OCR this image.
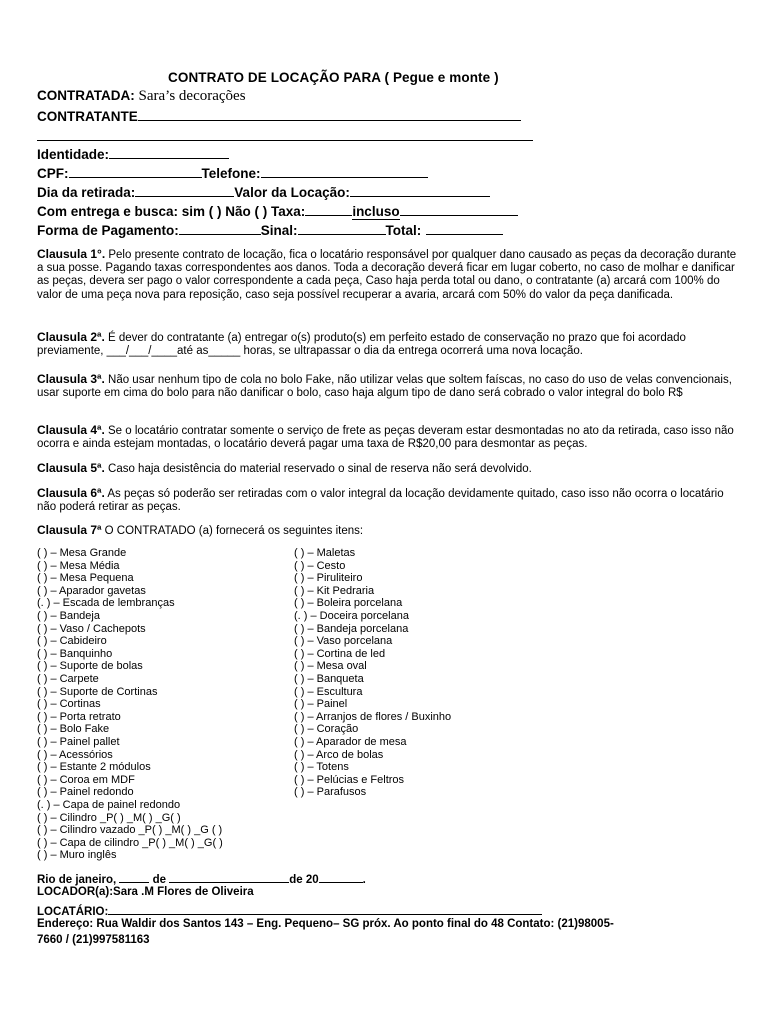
CONTRATO DE LOCAÇÃO PARA ( Pegue e monte )
CONTRATADA: Sara’s decorações
CONTRATANTE
Identidade:
CPF:	Telefone:
Dia da retirada:	Valor da Locação:
Com entrega e busca: sim ( ) Não ( ) Taxa:	incluso
Forma de Pagamento:	Sinal:	Total:
Clausula 1°. Pelo presente contrato de locação, fica o locatário responsável por qualquer dano causado as peças da decoração durante a sua posse. Pagando taxas correspondentes aos danos. Toda a decoração deverá ficar em lugar coberto, no caso de molhar e danificar as peças, devera ser pago o valor correspondente a cada peça, Caso haja perda total ou dano, o contratante (a) arcará com 100% do valor de uma peça nova para reposição, caso seja possível recuperar a avaria, arcará com 50% do valor da peça danificada.
Clausula 2ª. É dever do contratante (a) entregar o(s) produto(s) em perfeito estado de conservação no prazo que foi acordado previamente, ___/___/____até as_____ horas, se ultrapassar o dia da entrega ocorrerá uma nova locação.
Clausula 3ª. Não usar nenhum tipo de cola no bolo Fake, não utilizar velas que soltem faíscas, no caso do uso de velas convencionais, usar suporte em cima do bolo para não danificar o bolo, caso haja algum tipo de dano será cobrado o valor integral do bolo R$
Clausula 4ª. Se o locatário contratar somente o serviço de frete as peças deveram estar desmontadas no ato da retirada, caso isso não ocorra e ainda estejam montadas, o locatário deverá pagar uma taxa de R$20,00 para desmontar as peças.
Clausula 5ª. Caso haja desistência do material reservado o sinal de reserva não será devolvido.
Clausula 6ª. As peças só poderão ser retiradas com o valor integral da locação devidamente quitado, caso isso não ocorra o locatário não poderá retirar as peças.
Clausula 7ª O CONTRATADO (a) fornecerá os seguintes itens:
( ) – Mesa Grande
( ) – Mesa Média
( ) – Mesa Pequena
( ) – Aparador gavetas
(. ) – Escada de lembranças
( ) – Bandeja
( ) – Vaso / Cachepots
( ) – Cabideiro
( ) – Banquinho
( ) – Suporte de bolas
( ) – Carpete
( ) – Suporte de Cortinas
( ) – Cortinas
( ) – Porta retrato
( ) – Bolo Fake
( ) – Painel pallet
( ) – Acessórios
( ) – Estante 2 módulos
( ) – Coroa em MDF
( ) – Painel redondo
(. ) – Capa de painel redondo
( ) – Cilindro _P( ) _M( ) _G( )
( ) – Cilindro vazado _P( ) _M( ) _G ( )
( ) – Capa de cilindro _P( ) _M( ) _G( )
( ) – Muro inglês
( ) – Maletas
( ) – Cesto
( ) – Piruliteiro
( ) – Kit Pedraria
( ) – Boleira porcelana
(. ) – Doceira porcelana
( ) – Bandeja porcelana
( ) – Vaso porcelana
( ) – Cortina de led
( ) – Mesa oval
( ) – Banqueta
( ) – Escultura
( ) – Painel
( ) – Arranjos de flores / Buxinho
( ) – Coração
( ) – Aparador de mesa
( ) – Arco de bolas
( ) – Totens
( ) – Pelúcias e Feltros
( ) – Parafusos
Rio de janeiro,	de	de 20	.
LOCADOR(a):Sara .M Flores de Oliveira
LOCATÁRIO:
Endereço: Rua Waldir dos Santos 143 – Eng. Pequeno– SG próx. Ao ponto final do 48 Contato: (21)98005-
7660 / (21)997581163
